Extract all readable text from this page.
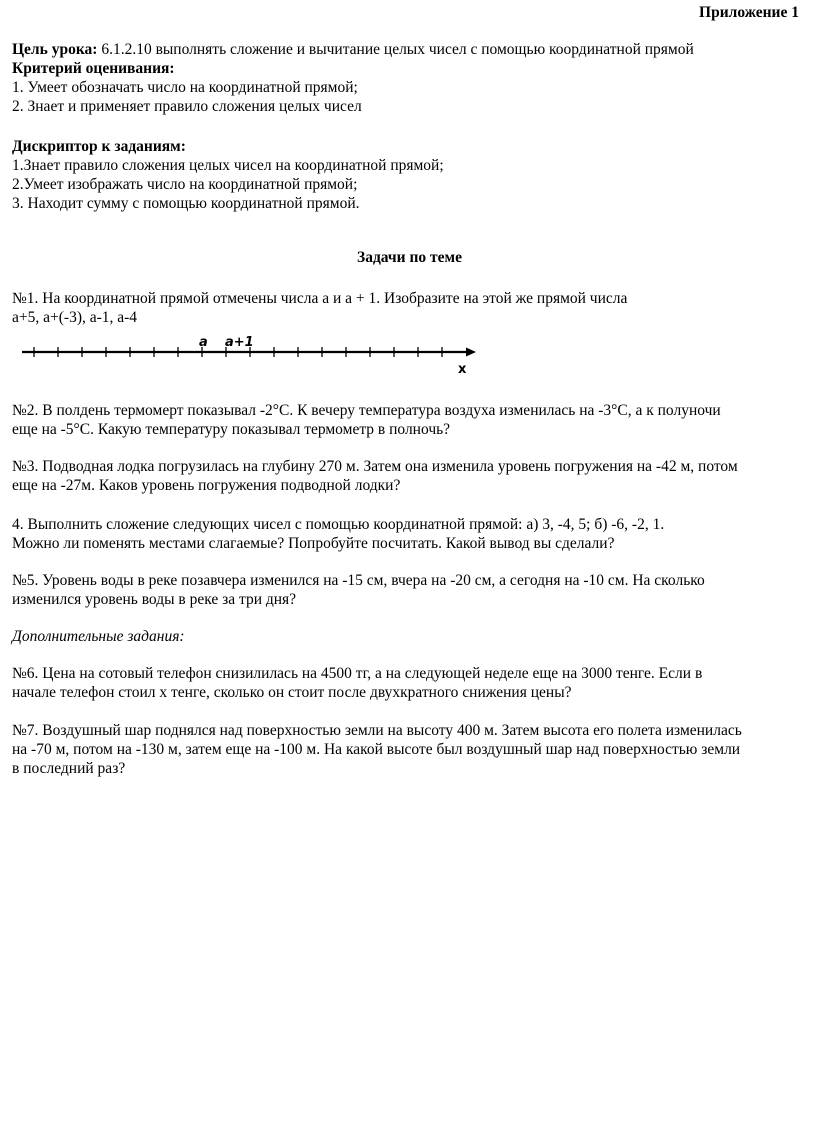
Приложение 1
Цель урока: 6.1.2.10 выполнять сложение и вычитание целых чисел с помощью координатной прямой
Критерий оценивания:
1. Умеет обозначать число на координатной прямой;
2. Знает и применяет правило сложения целых чисел
Дискриптор к заданиям:
1.Знает правило сложения целых чисел на координатной прямой;
2.Умеет изображать число на координатной прямой;
3. Находит сумму с помощью координатной прямой.
Задачи по теме
№1. На координатной прямой отмечены числа а и а + 1. Изобразите на этой же прямой числа
а+5, а+(-3), а-1, а-4
a a+1
x
№2. В полдень термомерт показывал -2°С. К вечеру температура воздуха изменилась на -3°С, а к полуночи
еще на -5°С. Какую температуру показывал термометр в полночь?
№3. Подводная лодка погрузилась на глубину 270 м. Затем она изменила уровень погружения на -42 м, потом
еще на -27м. Каков уровень погружения подводной лодки?
4. Выполнить сложение следующих чисел с помощью координатной прямой: а) 3, -4, 5; б) -6, -2, 1.
Можно ли поменять местами слагаемые? Попробуйте посчитать. Какой вывод вы сделали?
№5. Уровень воды в реке позавчера изменился на -15 см, вчера на -20 см, а сегодня на -10 см. На сколько
изменился уровень воды в реке за три дня?
Дополнительные задания:
№6. Цена на сотовый телефон снизилилась на 4500 тг, а на следующей неделе еще на 3000 тенге. Если в
начале телефон стоил х тенге, сколько он стоит после двухкратного снижения цены?
№7. Воздушный шар поднялся над поверхностью земли на высоту 400 м. Затем высота его полета изменилась
на -70 м, потом на -130 м, затем еще на -100 м. На какой высоте был воздушный шар над поверхностью земли
в последний раз?
